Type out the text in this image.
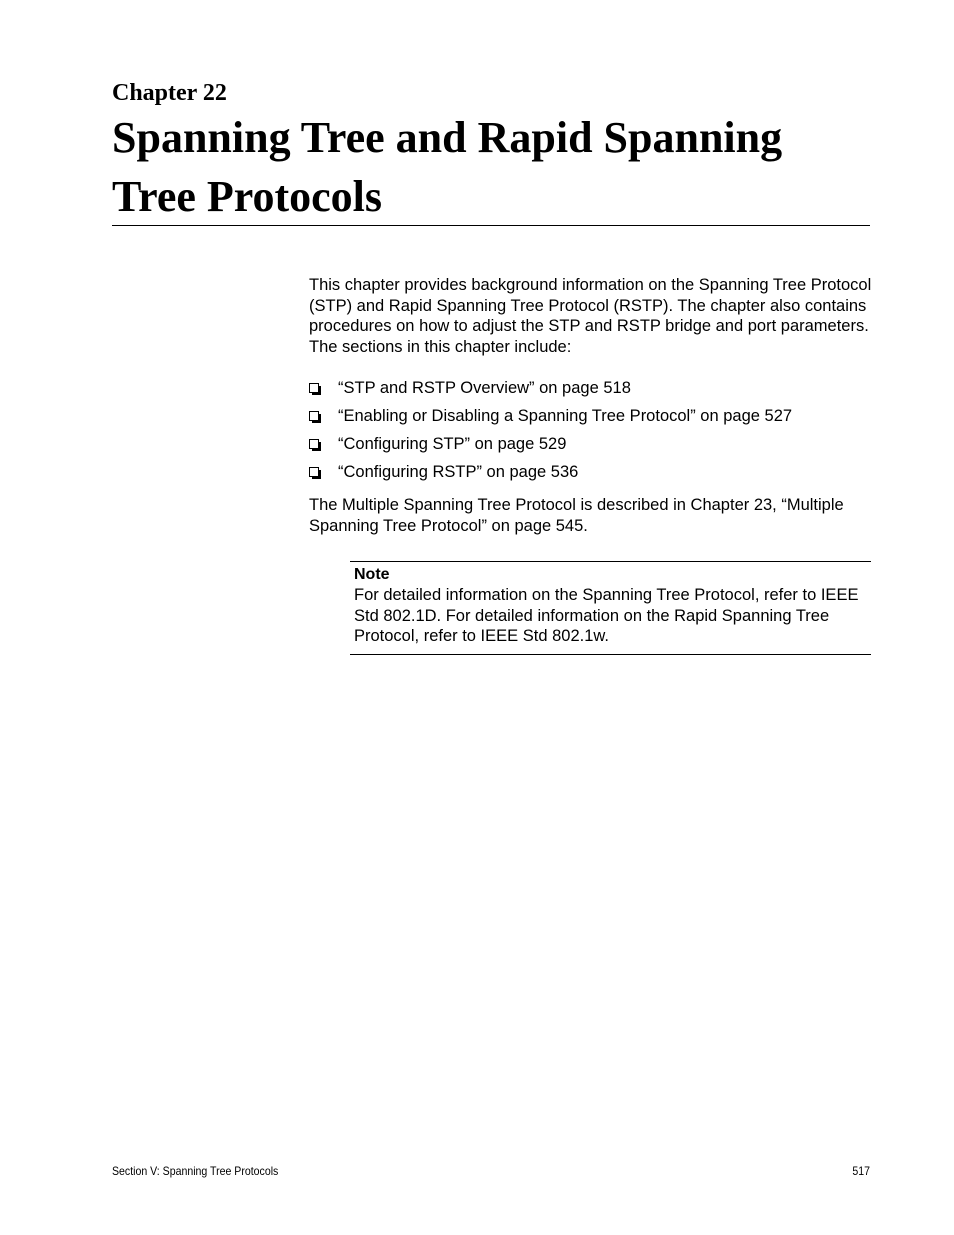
Chapter 22
Spanning Tree and Rapid Spanning Tree Protocols

This chapter provides background information on the Spanning Tree Protocol (STP) and Rapid Spanning Tree Protocol (RSTP). The chapter also contains procedures on how to adjust the STP and RSTP bridge and port parameters. The sections in this chapter include:

“STP and RSTP Overview” on page 518
“Enabling or Disabling a Spanning Tree Protocol” on page 527
“Configuring STP” on page 529
“Configuring RSTP” on page 536

The Multiple Spanning Tree Protocol is described in Chapter 23, “Multiple Spanning Tree Protocol” on page 545.

Note

For detailed information on the Spanning Tree Protocol, refer to IEEE Std 802.1D. For detailed information on the Rapid Spanning Tree Protocol, refer to IEEE Std 802.1w.

Section V: Spanning Tree Protocols	517
